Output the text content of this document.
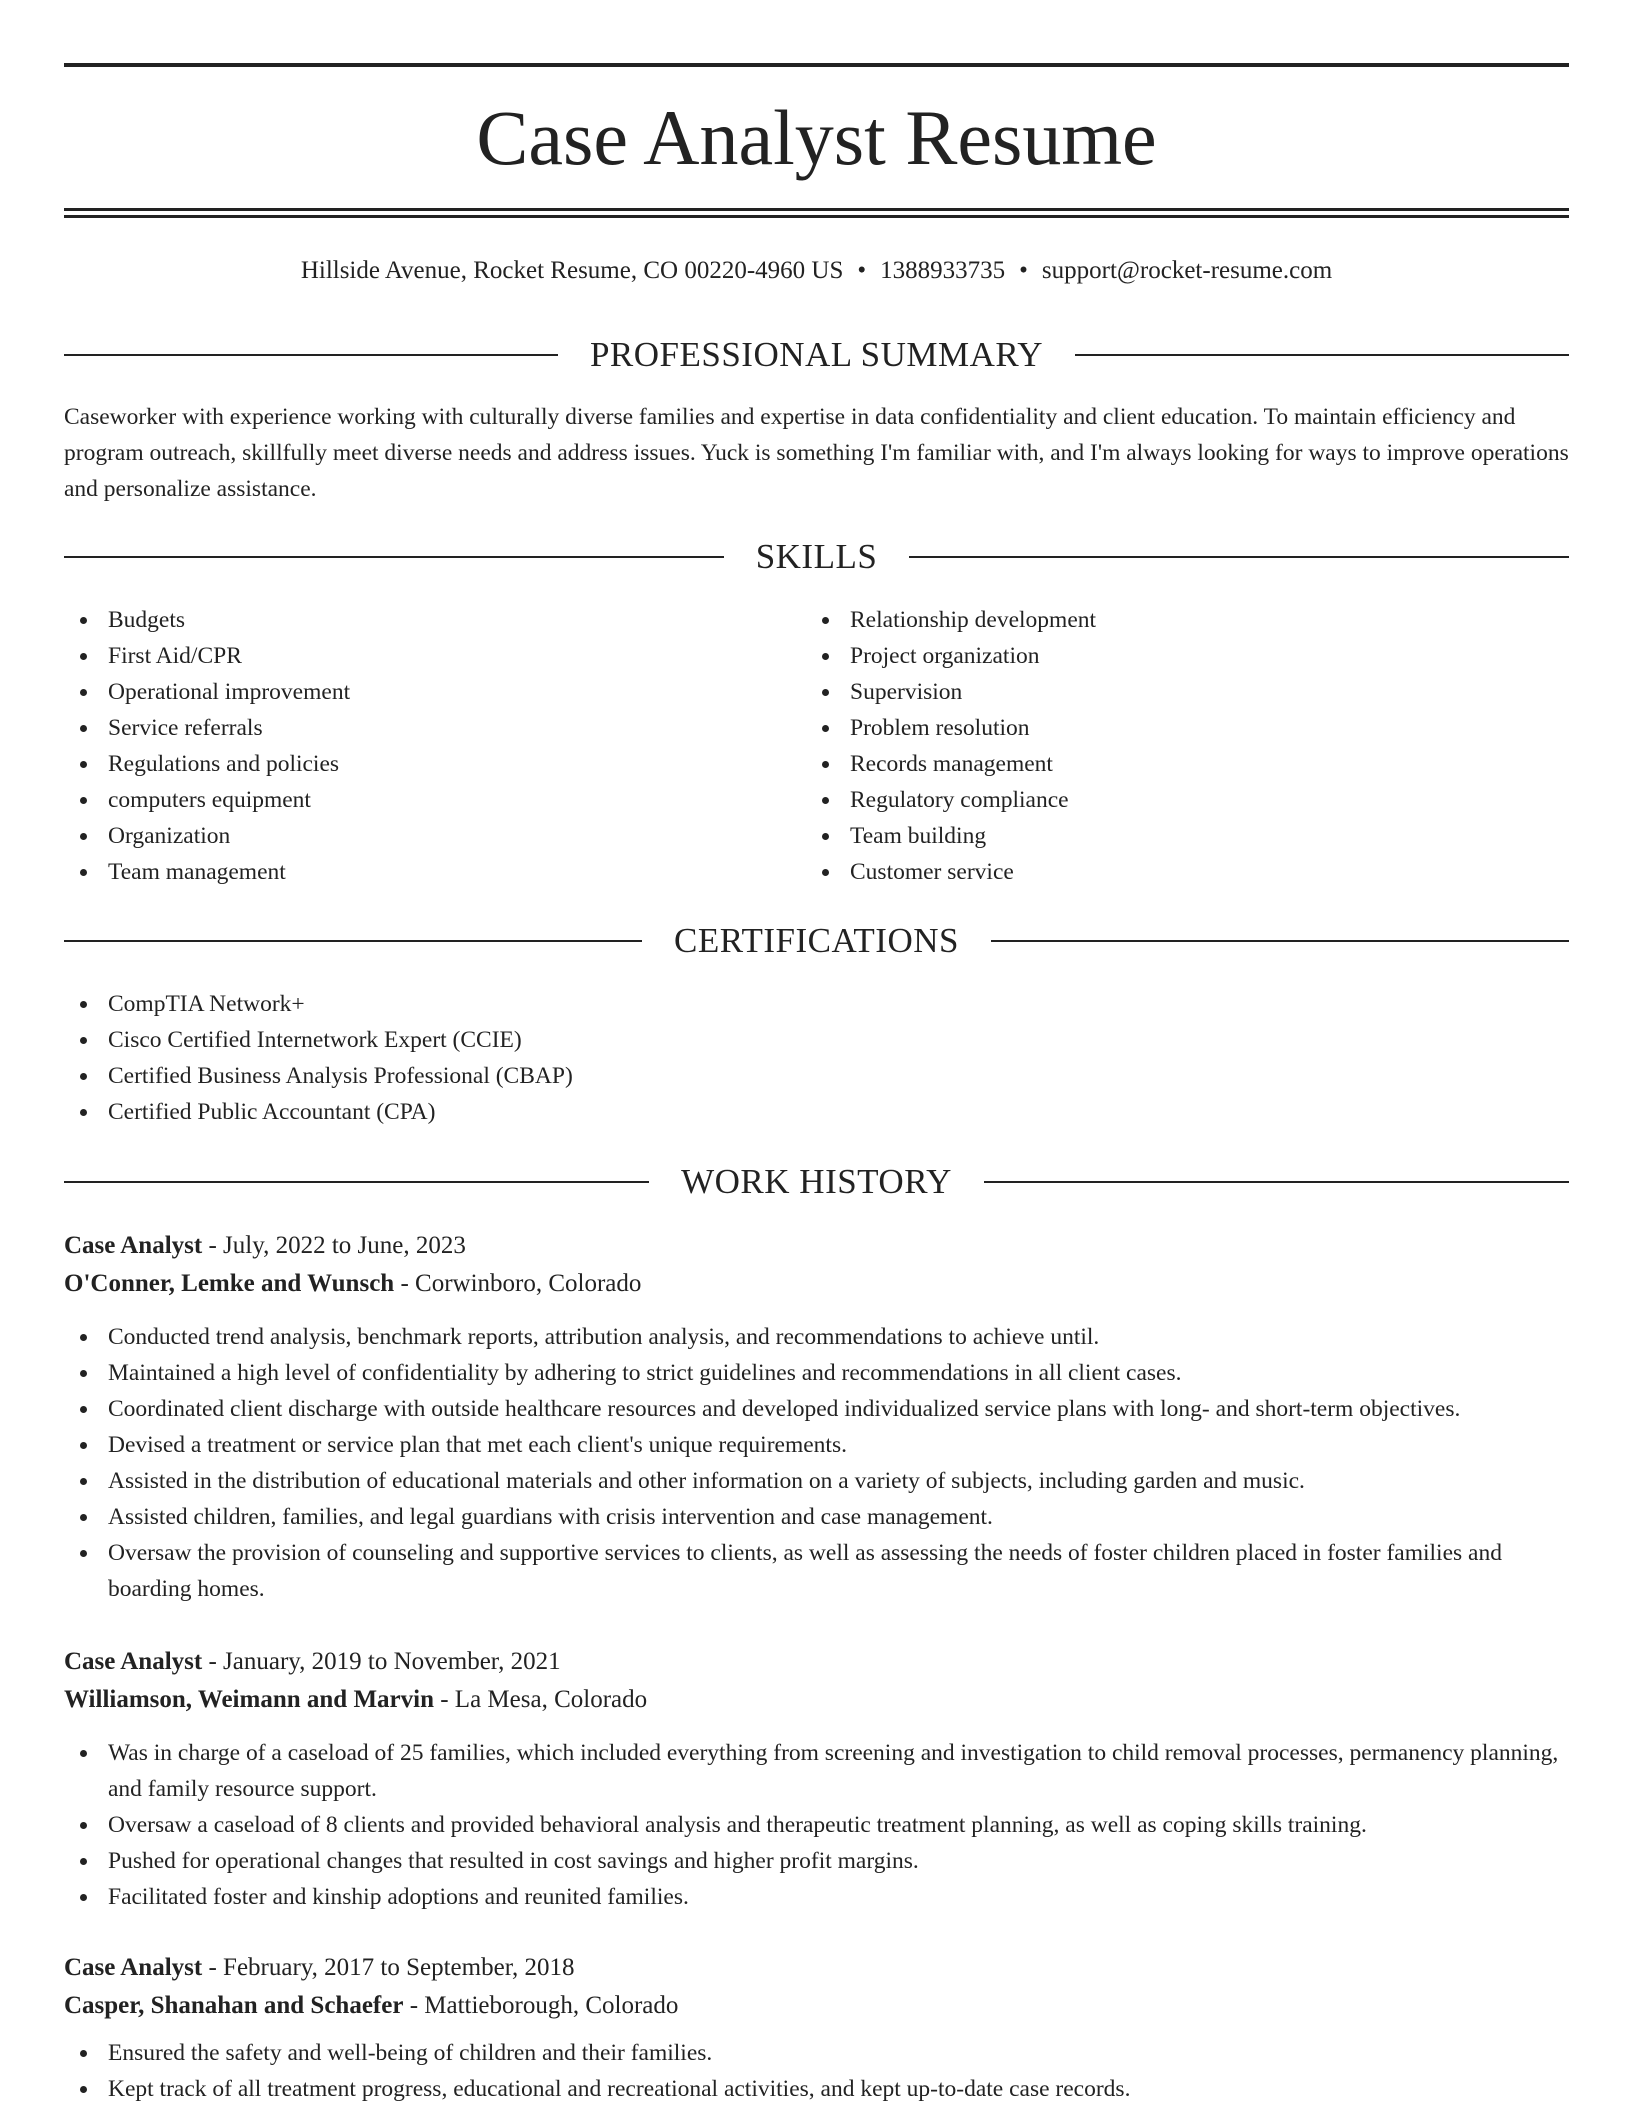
Case Analyst Resume
Hillside Avenue, Rocket Resume, CO 00220-4960 US • 1388933735 • support@rocket-resume.com
PROFESSIONAL SUMMARY
Caseworker with experience working with culturally diverse families and expertise in data confidentiality and client education. To maintain efficiency and program outreach, skillfully meet diverse needs and address issues. Yuck is something I'm familiar with, and I'm always looking for ways to improve operations and personalize assistance.
SKILLS
Budgets
First Aid/CPR
Operational improvement
Service referrals
Regulations and policies
computers equipment
Organization
Team management
Relationship development
Project organization
Supervision
Problem resolution
Records management
Regulatory compliance
Team building
Customer service
CERTIFICATIONS
CompTIA Network+
Cisco Certified Internetwork Expert (CCIE)
Certified Business Analysis Professional (CBAP)
Certified Public Accountant (CPA)
WORK HISTORY
Case Analyst - July, 2022 to June, 2023
O'Conner, Lemke and Wunsch - Corwinboro, Colorado
Conducted trend analysis, benchmark reports, attribution analysis, and recommendations to achieve until.
Maintained a high level of confidentiality by adhering to strict guidelines and recommendations in all client cases.
Coordinated client discharge with outside healthcare resources and developed individualized service plans with long- and short-term objectives.
Devised a treatment or service plan that met each client's unique requirements.
Assisted in the distribution of educational materials and other information on a variety of subjects, including garden and music.
Assisted children, families, and legal guardians with crisis intervention and case management.
Oversaw the provision of counseling and supportive services to clients, as well as assessing the needs of foster children placed in foster families and boarding homes.
Case Analyst - January, 2019 to November, 2021
Williamson, Weimann and Marvin - La Mesa, Colorado
Was in charge of a caseload of 25 families, which included everything from screening and investigation to child removal processes, permanency planning, and family resource support.
Oversaw a caseload of 8 clients and provided behavioral analysis and therapeutic treatment planning, as well as coping skills training.
Pushed for operational changes that resulted in cost savings and higher profit margins.
Facilitated foster and kinship adoptions and reunited families.
Case Analyst - February, 2017 to September, 2018
Casper, Shanahan and Schaefer - Mattieborough, Colorado
Ensured the safety and well-being of children and their families.
Kept track of all treatment progress, educational and recreational activities, and kept up-to-date case records.
